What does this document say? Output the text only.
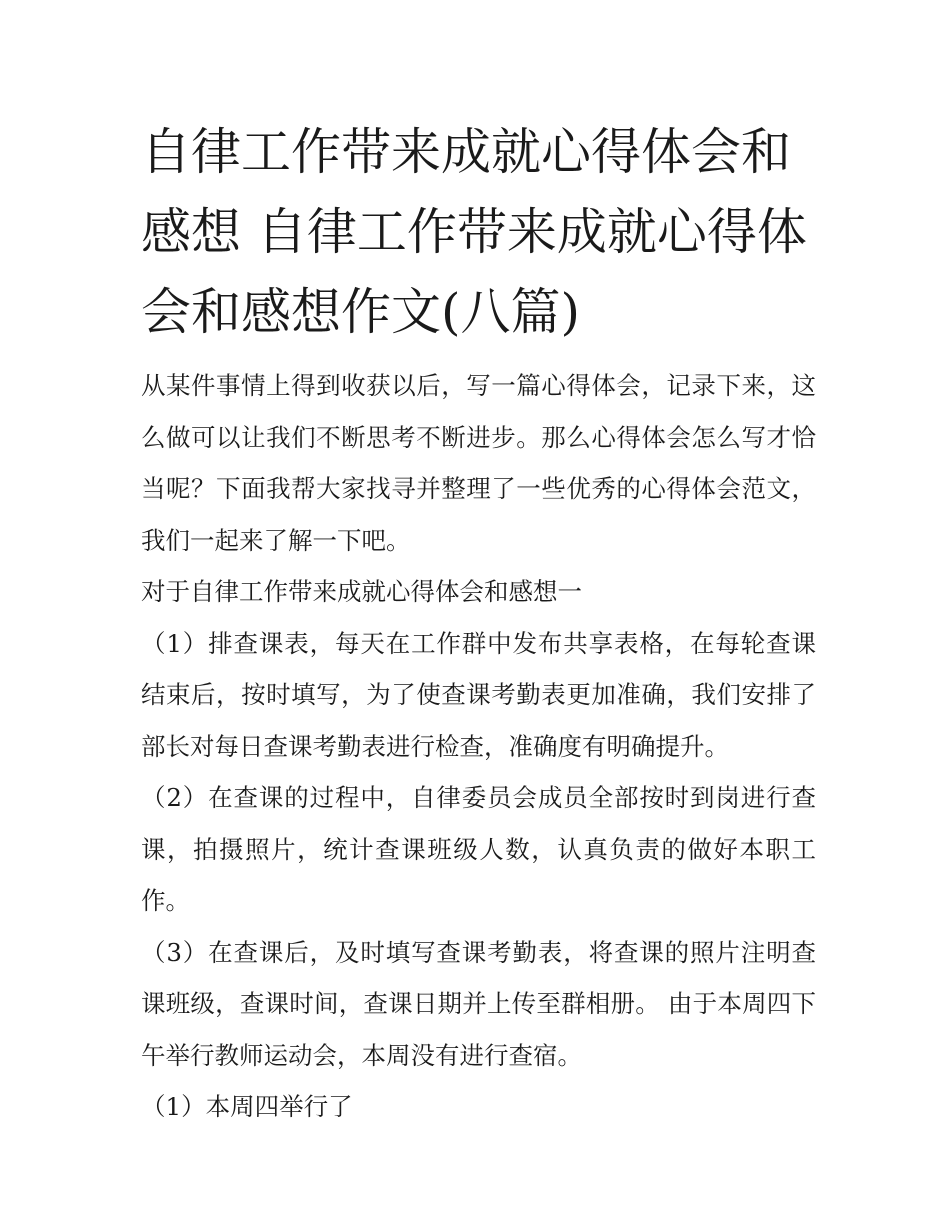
自律工作带来成就心得体会和感想 自律工作带来成就心得体会和感想作文(八篇)

从某件事情上得到收获以后，写一篇心得体会，记录下来，这么做可以让我们不断思考不断进步。那么心得体会怎么写才恰当呢？下面我帮大家找寻并整理了一些优秀的心得体会范文，我们一起来了解一下吧。

对于自律工作带来成就心得体会和感想一

（1）排查课表，每天在工作群中发布共享表格，在每轮查课结束后，按时填写，为了使查课考勤表更加准确，我们安排了部长对每日查课考勤表进行检查，准确度有明确提升。

（2）在查课的过程中，自律委员会成员全部按时到岗进行查课，拍摄照片，统计查课班级人数，认真负责的做好本职工作。

（3）在查课后，及时填写查课考勤表，将查课的照片注明查课班级，查课时间，查课日期并上传至群相册。 由于本周四下午举行教师运动会，本周没有进行查宿。

（1）本周四举行了
